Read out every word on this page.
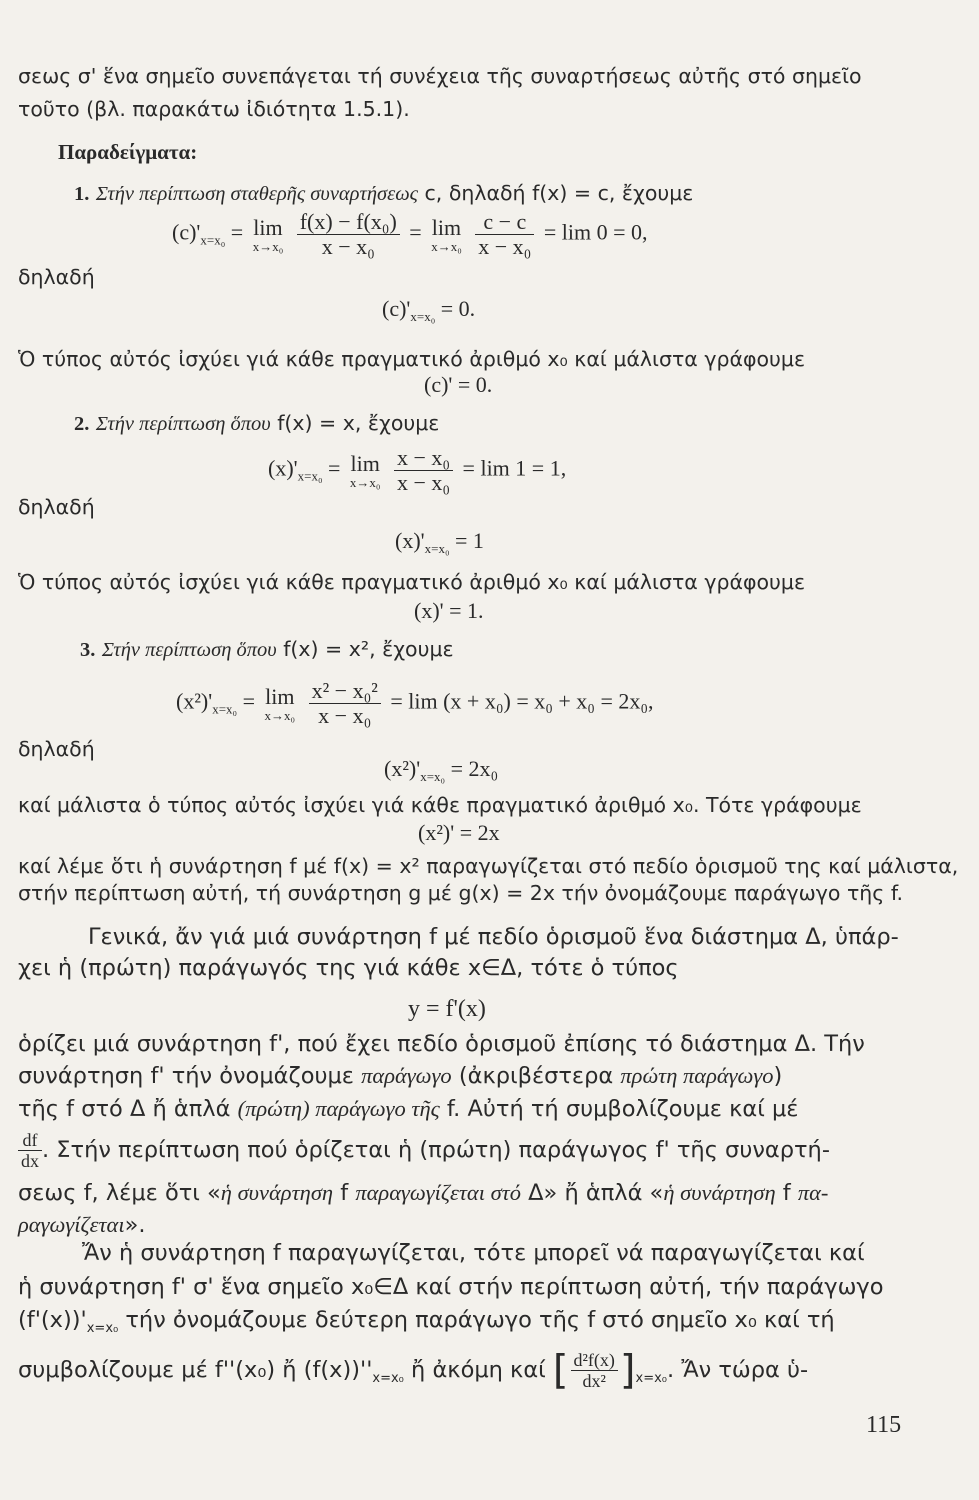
σεως σ' ἕνα σημεῖο συνεπάγεται τή συνέχεια τῆς συναρτήσεως αὐτῆς στό σημεῖο
τοῦτο (βλ. παρακάτω ἰδιότητα 1.5.1).
Παραδείγματα:
1. Στήν περίπτωση σταθερῆς συναρτήσεως c, δηλαδή f(x) = c, ἔχουμε
$(c)'_{x=x_0} = \lim$
x→x₀
$\frac{\text{f(x) − f(x₀)}}{\text{x − x₀}} = \lim$
x→x₀
$\frac{c - c}{\text{x − x₀}} = \lim 0 = 0$,
δηλαδή
$(c)'_{x=x_0} = 0$.
Ὁ τύπος αὐτός ἰσχύει γιά κάθε πραγματικό ἀριθμό x₀ καί μάλιστα γράφουμε
(c)' = 0.
2. Στήν περίπτωση ὅπου f(x) = x, ἔχουμε
$(x)'_{x=x_0} = \lim$
x→x₀
$\frac{\text{x − x₀}}{\text{x − x₀}} = \lim 1 = 1$,
δηλαδή
$(x)'_{x=x_0} = 1$
Ὁ τύπος αὐτός ἰσχύει γιά κάθε πραγματικό ἀριθμό x₀ καί μάλιστα γράφουμε
(x)' = 1.
3. Στήν περίπτωση ὅπου f(x) = x², ἔχουμε
$(x^2)'_{x=x_0} = \lim$
x→x₀
$\frac{\text{x² − x₀²}}{\text{x − x₀}} = \lim (x + x_0) = x_0 + x_0 = 2x_0$,
δηλαδή
$(x^2)'_{x=x_0} = 2x_0$
καί μάλιστα ὁ τύπος αὐτός ἰσχύει γιά κάθε πραγματικό ἀριθμό x₀. Τότε γράφουμε
(x²)' = 2x
καί λέμε ὅτι ἡ συνάρτηση f μέ f(x) = x² παραγωγίζεται στό πεδίο ὁρισμοῦ της καί μάλιστα,
στήν περίπτωση αὐτή, τή συνάρτηση g μέ g(x) = 2x τήν ὀνομάζουμε παράγωγο τῆς f.
Γενικά, ἄν γιά μιά συνάρτηση f μέ πεδίο ὁρισμοῦ ἕνα διάστημα Δ, ὑπάρ-
χει ἡ (πρώτη) παράγωγός της γιά κάθε x∈Δ, τότε ὁ τύπος
y = f'(x)
ὁρίζει μιά συνάρτηση f', πού ἔχει πεδίο ὁρισμοῦ ἐπίσης τό διάστημα Δ. Τήν
συνάρτηση f' τήν ὀνομάζουμε παράγωγο (ἀκριβέστερα πρώτη παράγωγο)
τῆς f στό Δ ἤ ἁπλά (πρώτη) παράγωγο τῆς f. Αὐτή τή συμβολίζουμε καί μέ
$\frac{df}{dx}$ . Στήν περίπτωση πού ὁρίζεται ἡ (πρώτη) παράγωγος f' τῆς συναρτή-
σεως f, λέμε ὅτι «ἡ συνάρτηση f παραγωγίζεται στό Δ» ἤ ἁπλά «ἡ συνάρτηση f πα-
ραγωγίζεται».
Ἄν ἡ συνάρτηση f παραγωγίζεται, τότε μπορεῖ νά παραγωγίζεται καί
ἡ συνάρτηση f' σ' ἕνα σημεῖο x₀∈Δ καί στήν περίπτωση αὐτή, τήν παράγωγο
$(f'(x))'_{x=x_0}$ τήν ὀνομάζουμε δεύτερη παράγωγο τῆς f στό σημεῖο x₀ καί τή
συμβολίζουμε μέ f''(x₀) ἤ $(f(x))''_{x=x_0}$ ἤ ἀκόμη καί [ $\frac{\text{d²f(x)}}{\text{dx²}} ]_{x=x_0}$. Ἄν τώρα ὑ-
115
